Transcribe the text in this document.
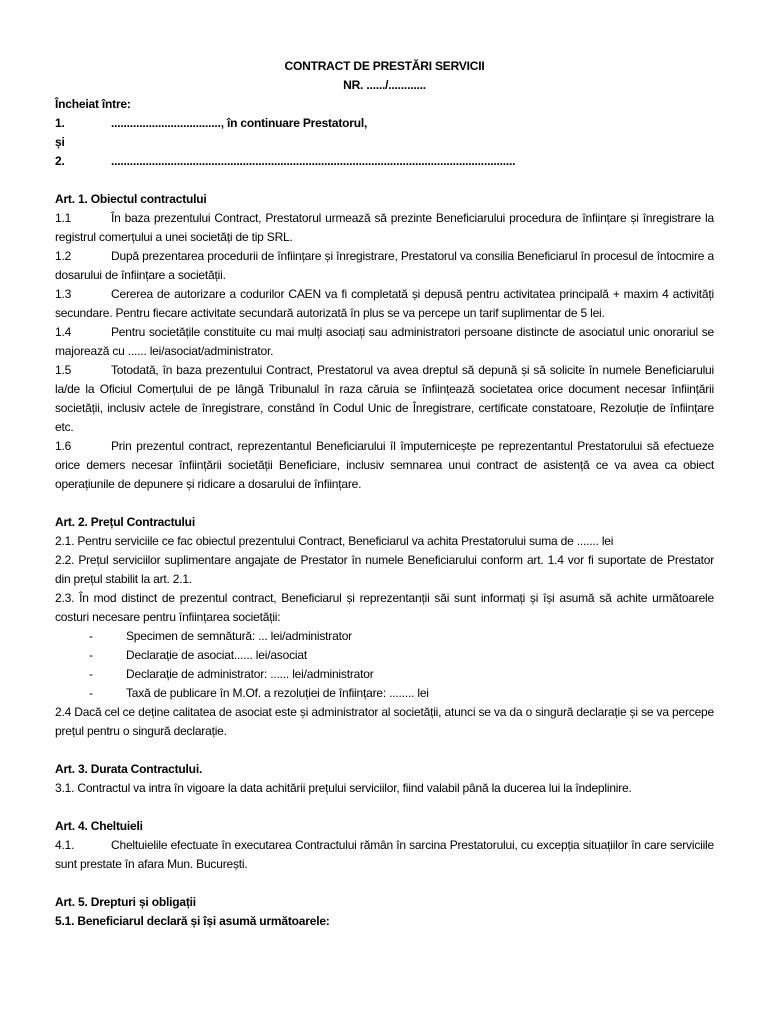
CONTRACT DE PRESTĂRI SERVICII
NR. ....../............

Încheiat între:

1.	..................................., în continuare Prestatorul,

și

2.	.................................................................................................................................

Art. 1. Obiectul contractului

1.1	În baza prezentului Contract, Prestatorul urmează să prezinte Beneficiarului procedura de înființare și înregistrare la registrul comerțului a unei societăți de tip SRL.

1.2	După prezentarea procedurii de înființare și înregistrare, Prestatorul va consilia Beneficiarul în procesul de întocmire a dosarului de înființare a societății.

1.3	Cererea de autorizare a codurilor CAEN va fi completată și depusă pentru activitatea principală + maxim 4 activități secundare. Pentru fiecare activitate secundară autorizată în plus se va percepe un tarif suplimentar de 5 lei.

1.4	Pentru societățile constituite cu mai mulți asociați sau administratori persoane distincte de asociatul unic onorariul se majorează cu ...... lei/asociat/administrator.

1.5	Totodată, în baza prezentului Contract, Prestatorul va avea dreptul să depună și să solicite în numele Beneficiarului la/de la Oficiul Comerțului de pe lângă Tribunalul în raza căruia se înființează societatea orice document necesar înființării societății, inclusiv actele de înregistrare, constând în Codul Unic de Înregistrare, certificate constatoare, Rezoluție de înființare etc.

1.6	Prin prezentul contract, reprezentantul Beneficiarului îl împuternicește pe reprezentantul Prestatorului să efectueze orice demers necesar înființării societății Beneficiare, inclusiv semnarea unui contract de asistență ce va avea ca obiect operațiunile de depunere și ridicare a dosarului de înființare.

Art. 2. Prețul Contractului

2.1. Pentru serviciile ce fac obiectul prezentului Contract, Beneficiarul va achita Prestatorului suma de ....... lei

2.2. Prețul serviciilor suplimentare angajate de Prestator în numele Beneficiarului conform art. 1.4 vor fi suportate de Prestator din prețul stabilit la art. 2.1.

2.3. În mod distinct de prezentul contract, Beneficiarul și reprezentanții săi sunt informați și își asumă să achite următoarele costuri necesare pentru înființarea societății:

-	Specimen de semnătură: ... lei/administrator

-	Declarație de asociat...... lei/asociat

-	Declarație de administrator: ...... lei/administrator

-	Taxă de publicare în M.Of. a rezoluției de înființare: ........ lei

2.4 Dacă cel ce deține calitatea de asociat este și administrator al societății, atunci se va da o singură declarație și se va percepe prețul pentru o singură declarație.

Art. 3. Durata Contractului.

3.1. Contractul va intra în vigoare la data achitării prețului serviciilor, fiind valabil până la ducerea lui la îndeplinire.

Art. 4. Cheltuieli

4.1.	Cheltuielile efectuate în executarea Contractului rămân în sarcina Prestatorului, cu excepția situațiilor în care serviciile sunt prestate în afara Mun. București.

Art. 5. Drepturi și obligații

5.1. Beneficiarul declară și își asumă următoarele:
